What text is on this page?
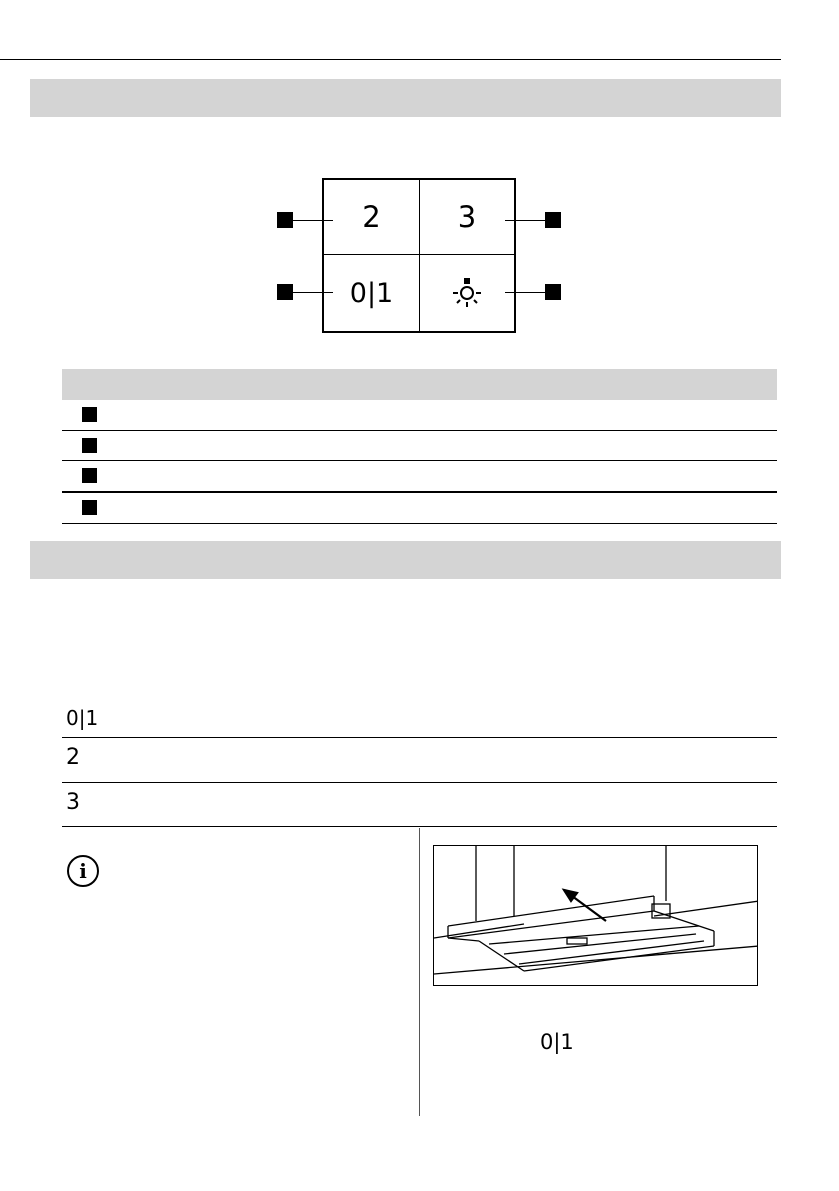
2	3
0|1
0|1
2
3
i
0|1
